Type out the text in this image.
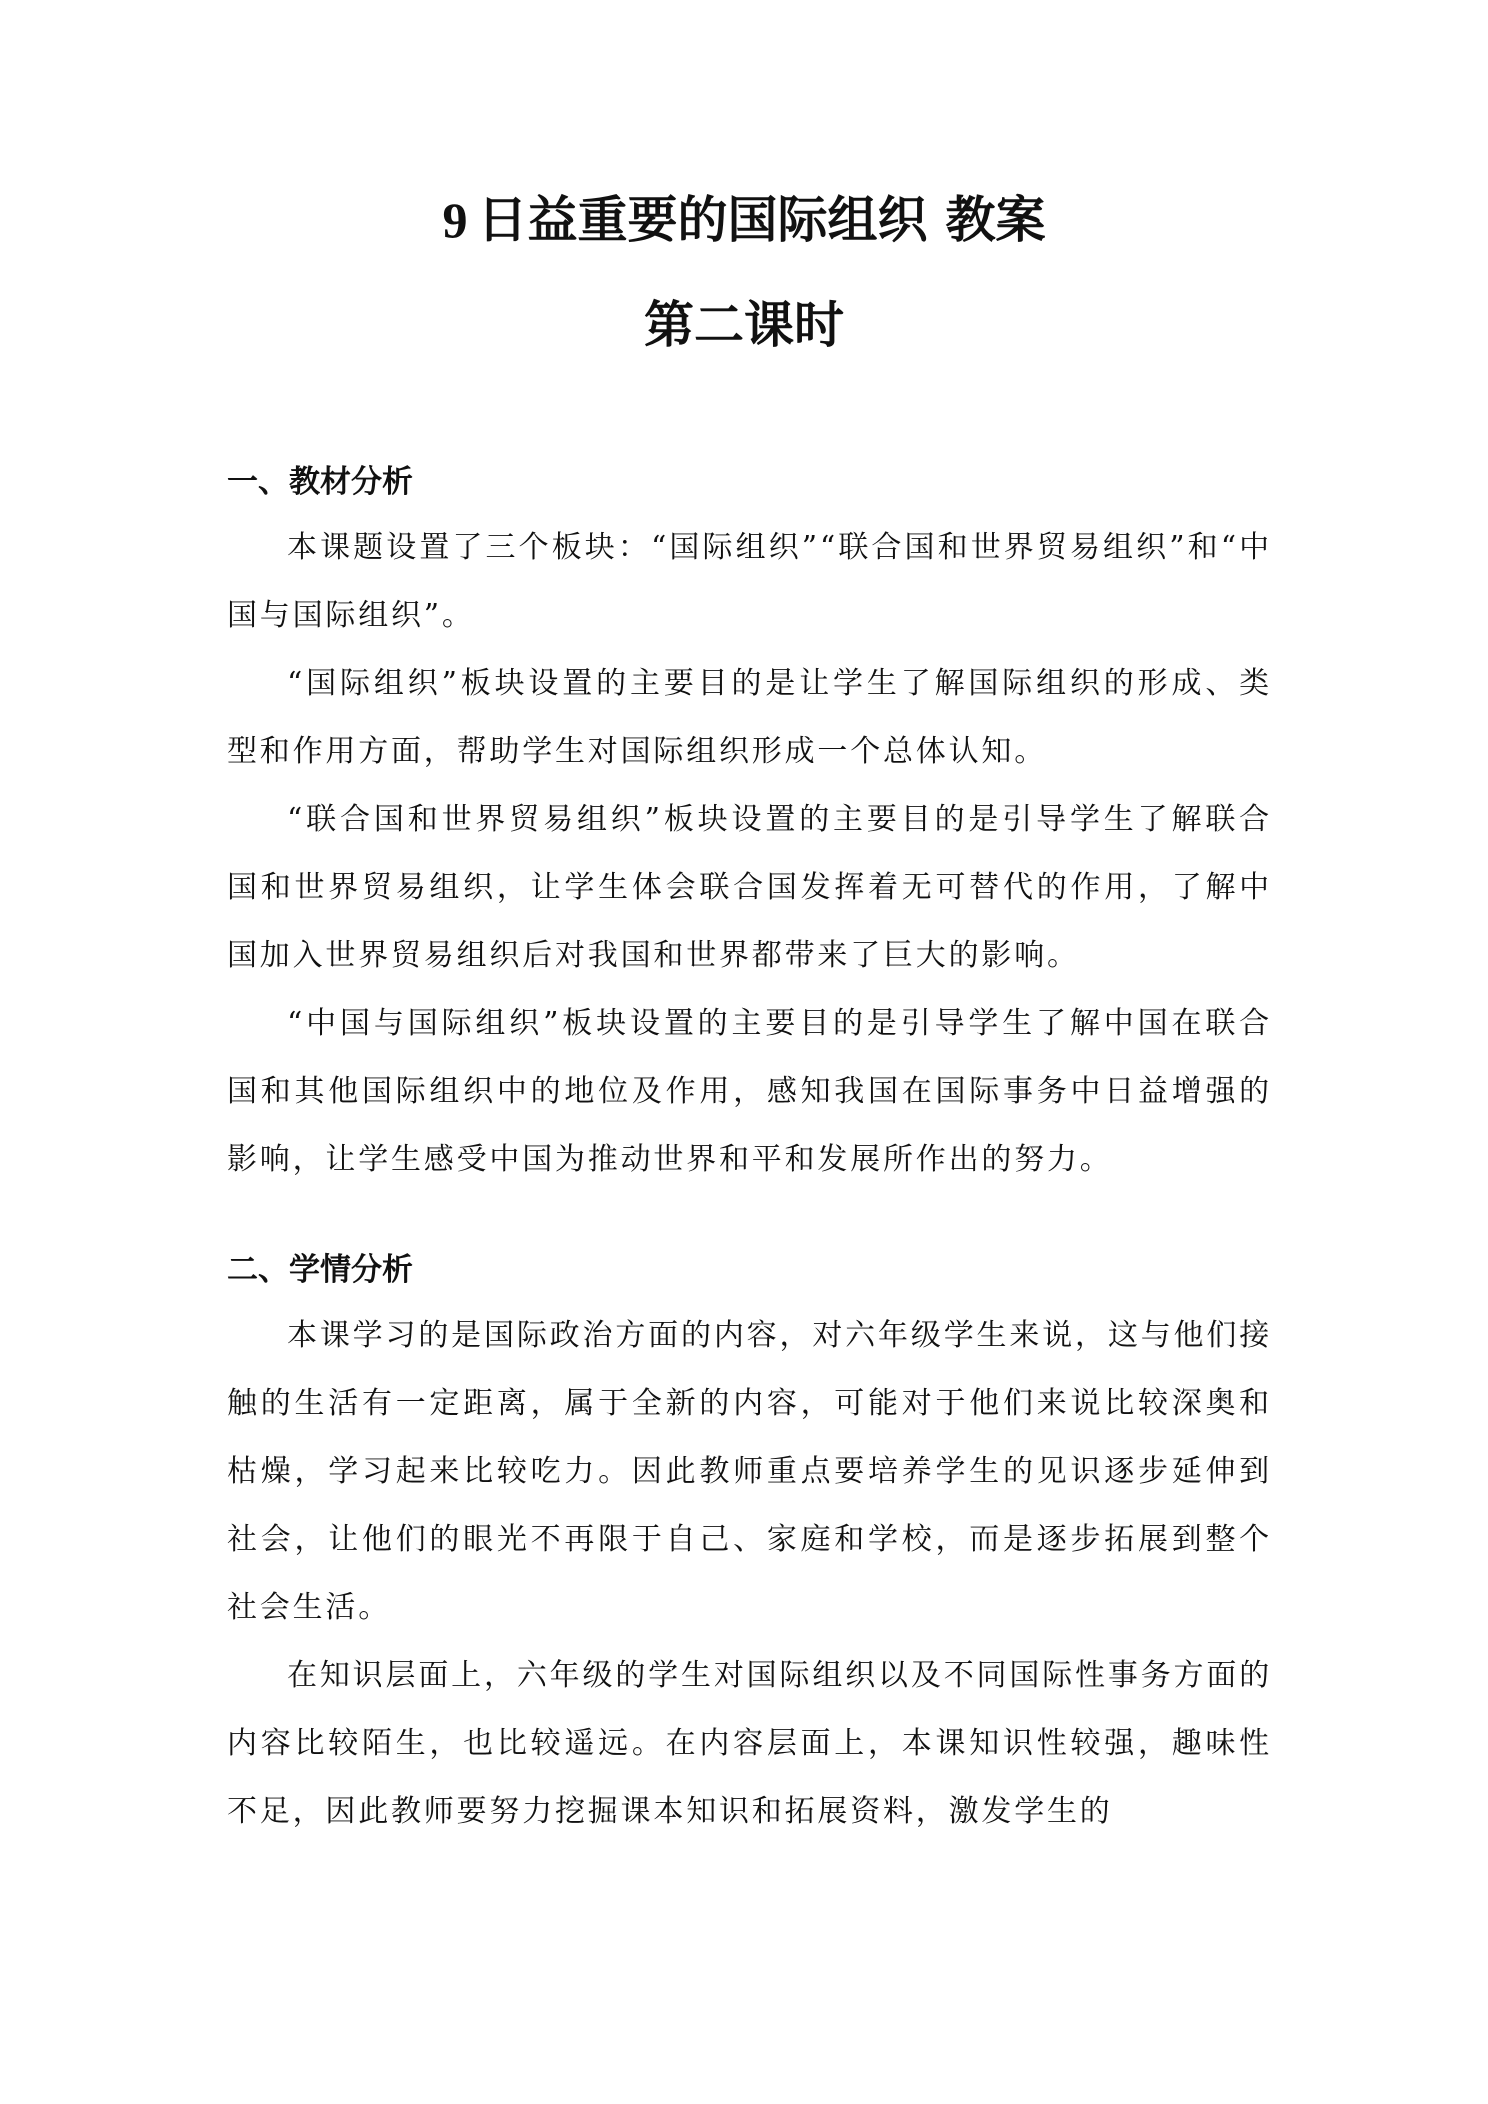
9 日益重要的国际组织 教案
第二课时
一、教材分析

本课题设置了三个板块：“国际组织”“联合国和世界贸易组织”和“中国与国际组织”。

“国际组织”板块设置的主要目的是让学生了解国际组织的形成、类型和作用方面，帮助学生对国际组织形成一个总体认知。

“联合国和世界贸易组织”板块设置的主要目的是引导学生了解联合国和世界贸易组织，让学生体会联合国发挥着无可替代的作用，了解中国加入世界贸易组织后对我国和世界都带来了巨大的影响。

“中国与国际组织”板块设置的主要目的是引导学生了解中国在联合国和其他国际组织中的地位及作用，感知我国在国际事务中日益增强的影响，让学生感受中国为推动世界和平和发展所作出的努力。

二、学情分析

本课学习的是国际政治方面的内容，对六年级学生来说，这与他们接触的生活有一定距离，属于全新的内容，可能对于他们来说比较深奥和枯燥，学习起来比较吃力。因此教师重点要培养学生的见识逐步延伸到社会，让他们的眼光不再限于自己、家庭和学校，而是逐步拓展到整个社会生活。

在知识层面上，六年级的学生对国际组织以及不同国际性事务方面的内容比较陌生，也比较遥远。在内容层面上，本课知识性较强，趣味性不足，因此教师要努力挖掘课本知识和拓展资料，激发学生的
